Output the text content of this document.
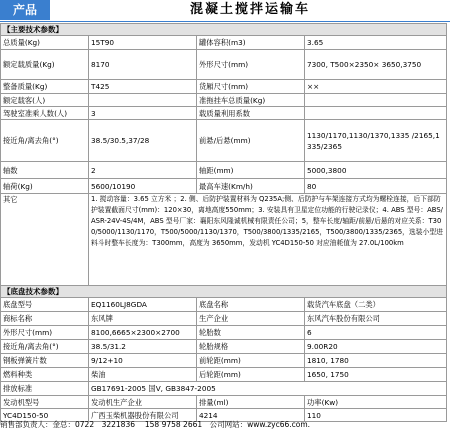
产品	混凝土搅拌运输车
【主要技术参数】			
总质量(Kg)	15T90	罐体容积(m3)	3.65
额定载质量(Kg)	8170	外形尺寸(mm)	7300, T500×2350× 3650,3750
整备质量(Kg)	T425	货厢尺寸(mm)	××
额定载客(人)		准拖挂车总质量(Kg)	
驾驶室准乘人数(人)	3	载质量利用系数	
接近角/离去角(°)	38.5/30.5,37/28	前悬/后悬(mm)	1130/1170,1130/1370,1335 /2165,1335/2365
轴数	2	轴距(mm)	5000,3800
轴荷(Kg)	5600/10190	最高车速(Km/h)	80
其它	1. 搅动容量：3.65 立方米 ；2. 侧、后防护装置材料为 Q235A;侧、后防护与车架连接方式均为螺栓连接，后下部防护装置截面尺寸(mm)：120×30，离地高度550mm；3. 安装具有卫星定位功能的行驶记录仪；4. ABS 型号：ABS/ASR-24V-4S/4M，ABS 型号厂家：襄阳东风隆诚机械有限责任公司；5，整车长度/轴距/前悬/后悬的对应关系：T300/5000/1130/1170，T500/5000/1130/1370，T500/3800/1335/2165，T500/3800/1335/2365，选装小型进料斗时整车长度为：T300mm，高度为 3650mm，发动机 YC4D150-50 对应油耗值为 27.0L/100km		
【底盘技术参数】			
底盘型号	EQ1160LJ8GDA	底盘名称	载货汽车底盘（二类）
商标名称	东风牌	生产企业	东风汽车股份有限公司
外形尺寸(mm)	8100,6665×2300×2700	轮胎数	6
接近角/离去角(°)	38.5/31.2	轮胎规格	9.00R20
钢板弹簧片数	9/12+10	前轮距(mm)	1810, 1780
燃料种类	柴油	后轮距(mm)	1650, 1750
排放标准	GB17691-2005 国V, GB3847-2005		
发动机型号	发动机生产企业	排量(ml)	功率(Kw)
YC4D150-50	广西玉柴机器股份有限公司	4214	110
销售部负责人：金总：0722　3221836　 158 9758 2661　公司网站：www.zyc66.com.
